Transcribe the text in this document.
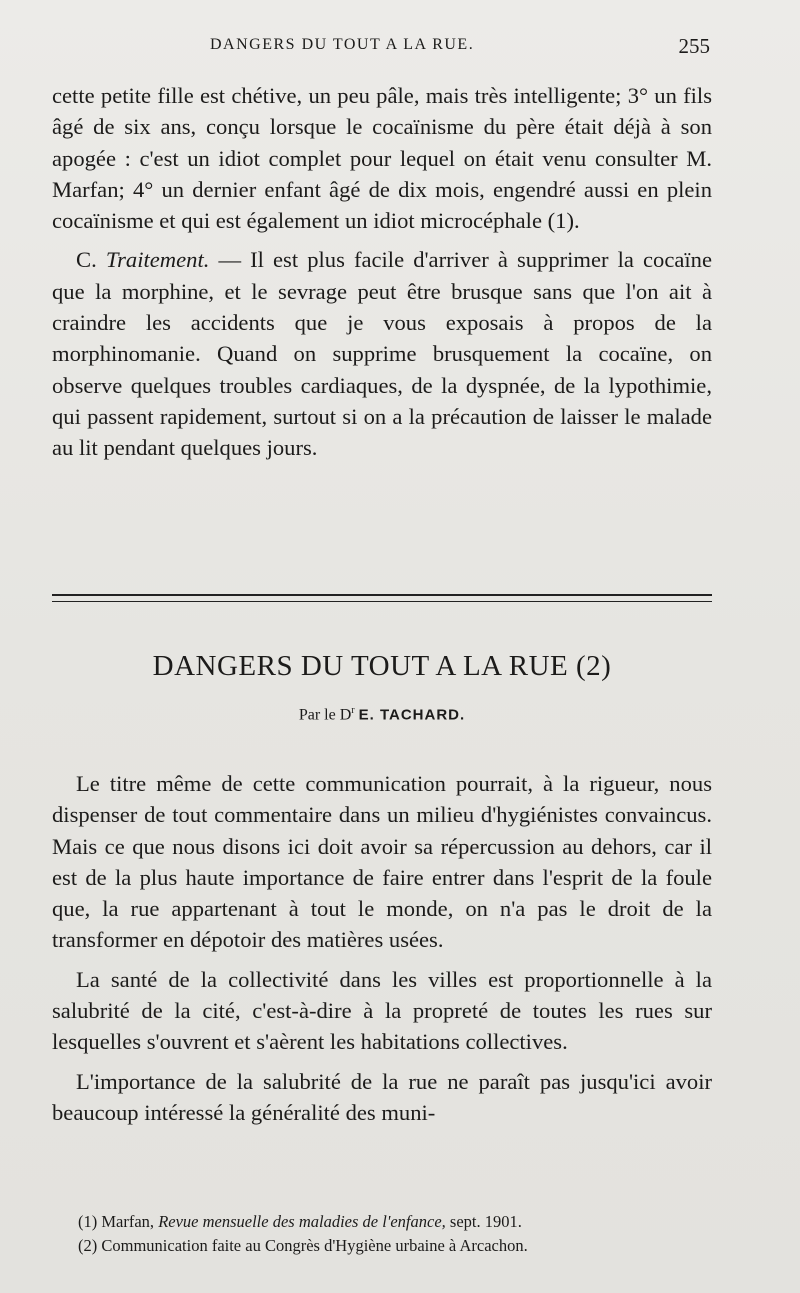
DANGERS DU TOUT A LA RUE.	255

cette petite fille est chétive, un peu pâle, mais très intelligente; 3° un fils âgé de six ans, conçu lorsque le cocaïnisme du père était déjà à son apogée : c'est un idiot complet pour lequel on était venu consulter M. Marfan; 4° un dernier enfant âgé de dix mois, engendré aussi en plein cocaïnisme et qui est également un idiot microcéphale (1).

C. Traitement. — Il est plus facile d'arriver à supprimer la cocaïne que la morphine, et le sevrage peut être brusque sans que l'on ait à craindre les accidents que je vous exposais à propos de la morphinomanie. Quand on supprime brusquement la cocaïne, on observe quelques troubles cardiaques, de la dyspnée, de la lypothimie, qui passent rapidement, surtout si on a la précaution de laisser le malade au lit pendant quelques jours.

DANGERS DU TOUT A LA RUE (2)
Par le $D^r$ E. TACHARD.

Le titre même de cette communication pourrait, à la rigueur, nous dispenser de tout commentaire dans un milieu d'hygiénistes convaincus. Mais ce que nous disons ici doit avoir sa répercussion au dehors, car il est de la plus haute importance de faire entrer dans l'esprit de la foule que, la rue appartenant à tout le monde, on n'a pas le droit de la transformer en dépotoir des matières usées.

La santé de la collectivité dans les villes est proportionnelle à la salubrité de la cité, c'est-à-dire à la propreté de toutes les rues sur lesquelles s'ouvrent et s'aèrent les habitations collectives.

L'importance de la salubrité de la rue ne paraît pas jusqu'ici avoir beaucoup intéressé la généralité des muni-

(1) Marfan, Revue mensuelle des maladies de l'enfance, sept. 1901.

(2) Communication faite au Congrès d'Hygiène urbaine à Arcachon.
